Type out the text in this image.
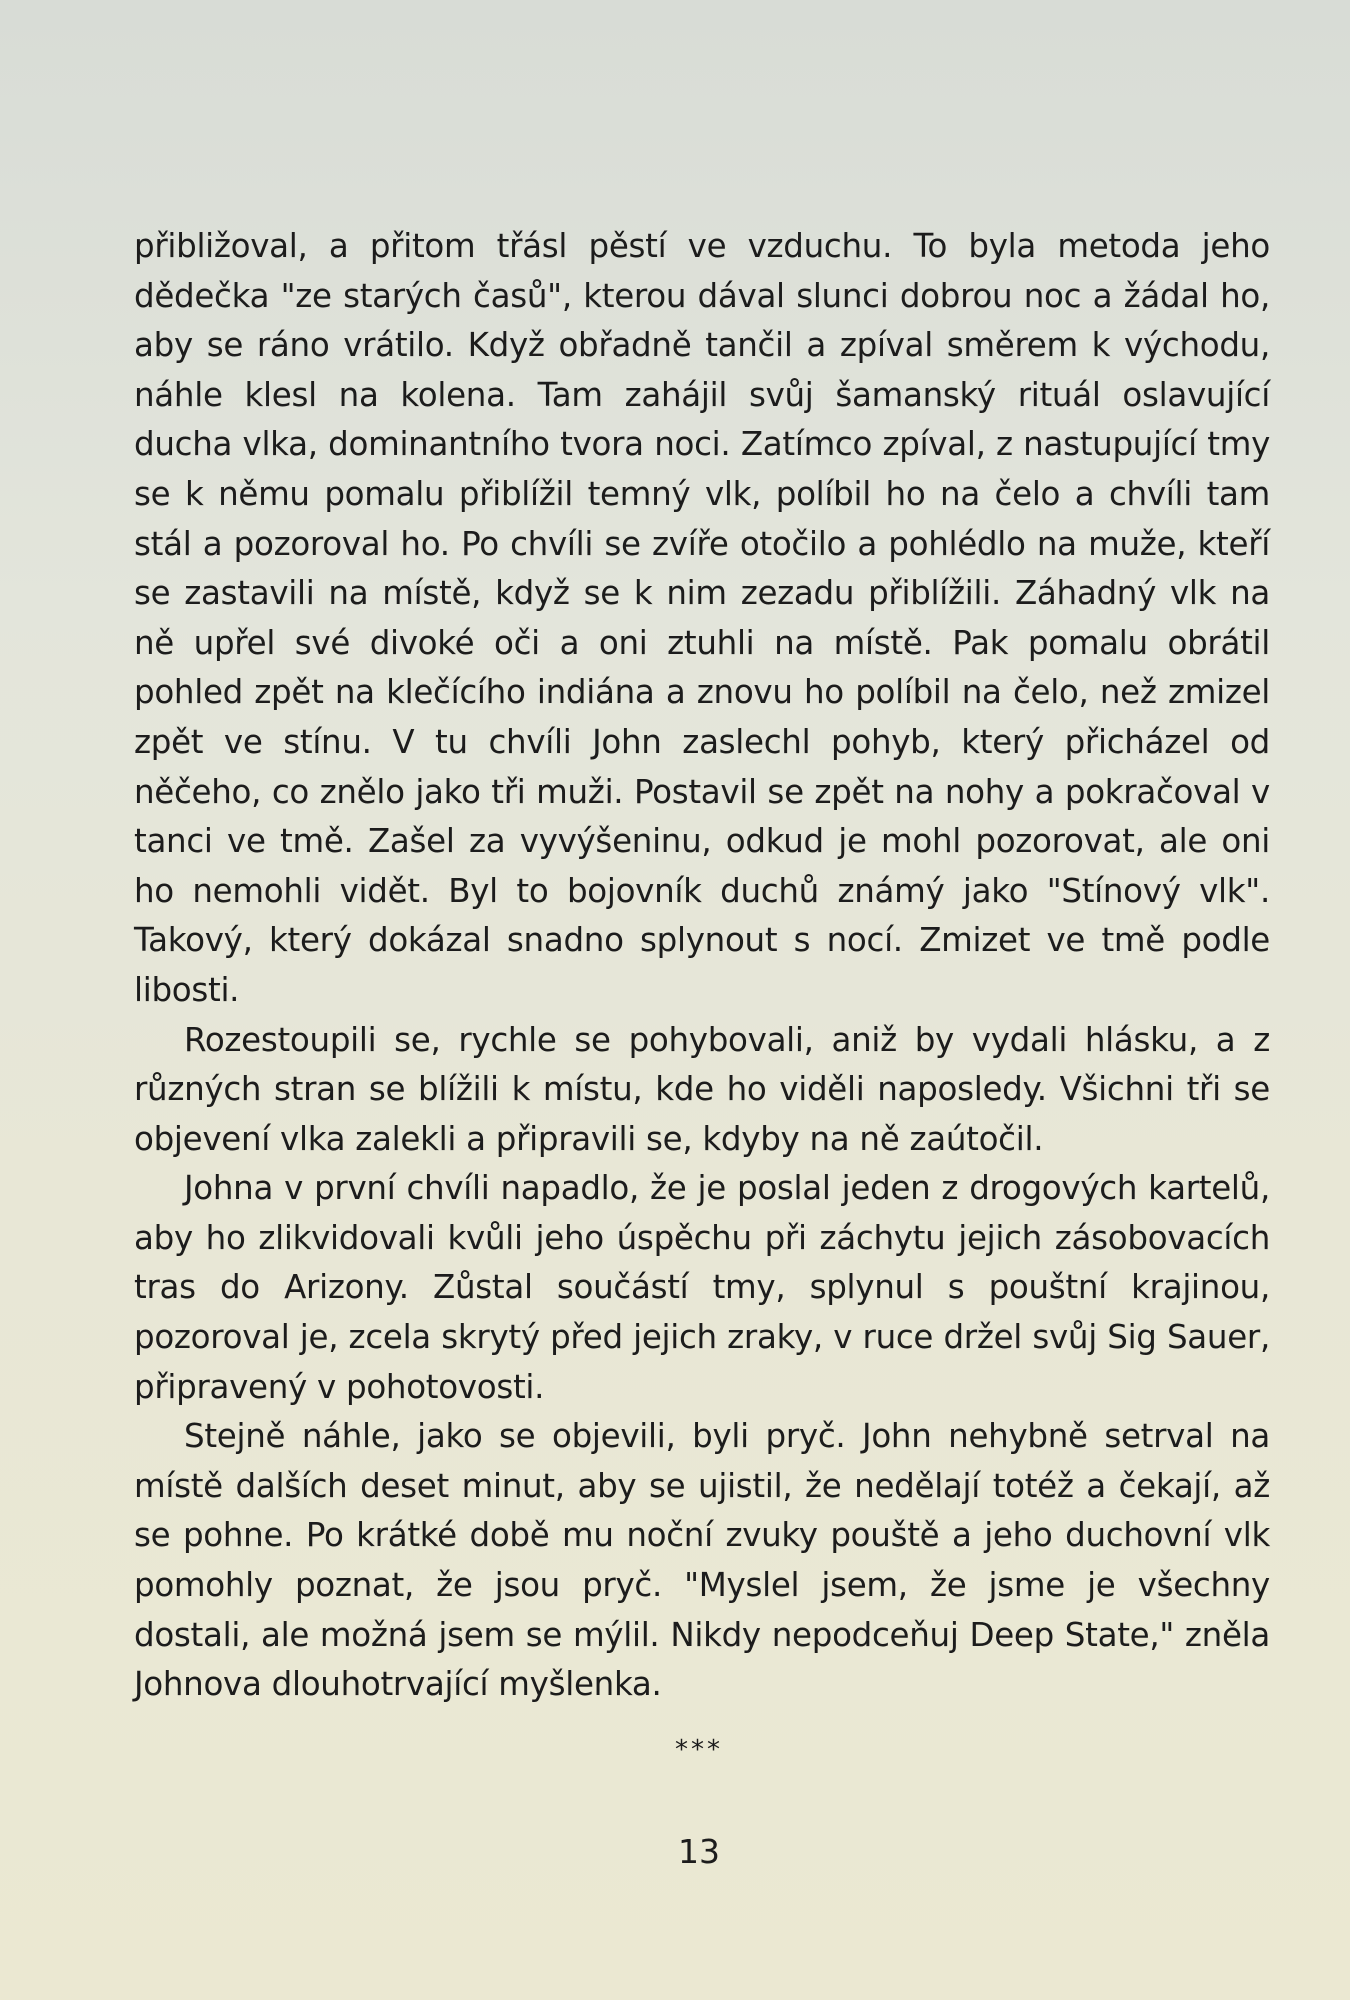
přibližoval, a přitom třásl pěstí ve vzduchu. To byla metoda jeho dědečka "ze starých časů", kterou dával slunci dobrou noc a žádal ho, aby se ráno vrátilo. Když obřadně tančil a zpíval směrem k východu, náhle klesl na kolena. Tam zahájil svůj šamanský rituál oslavující ducha vlka, dominantního tvora noci. Zatímco zpíval, z nastupující tmy se k němu pomalu přiblížil temný vlk, políbil ho na čelo a chvíli tam stál a pozoroval ho. Po chvíli se zvíře otočilo a pohlédlo na muže, kteří se zastavili na místě, když se k nim zezadu přiblížili. Záhadný vlk na ně upřel své divoké oči a oni ztuhli na místě. Pak pomalu obrátil pohled zpět na klečícího indiána a znovu ho políbil na čelo, než zmizel zpět ve stínu. V tu chvíli John zaslechl pohyb, který přicházel od něčeho, co znělo jako tři muži. Postavil se zpět na nohy a pokračoval v tanci ve tmě. Zašel za vyvýšeninu, odkud je mohl pozorovat, ale oni ho nemohli vidět. Byl to bojovník duchů známý jako "Stínový vlk". Takový, který dokázal snadno splynout s nocí. Zmizet ve tmě podle libosti.

Rozestoupili se, rychle se pohybovali, aniž by vydali hlásku, a z různých stran se blížili k místu, kde ho viděli naposledy. Všichni tři se objevení vlka zalekli a připravili se, kdyby na ně zaútočil.

Johna v první chvíli napadlo, že je poslal jeden z drogových kartelů, aby ho zlikvidovali kvůli jeho úspěchu při záchytu jejich zásobovacích tras do Arizony. Zůstal součástí tmy, splynul s pouštní krajinou, pozoroval je, zcela skrytý před jejich zraky, v ruce držel svůj Sig Sauer, připravený v pohotovosti.

Stejně náhle, jako se objevili, byli pryč. John nehybně setrval na místě dalších deset minut, aby se ujistil, že nedělají totéž a čekají, až se pohne. Po krátké době mu noční zvuky pouště a jeho duchovní vlk pomohly poznat, že jsou pryč. "Myslel jsem, že jsme je všechny dostali, ale možná jsem se mýlil. Nikdy nepodceňuj Deep State," zněla Johnova dlouhotrvající myšlenka.

***
13
